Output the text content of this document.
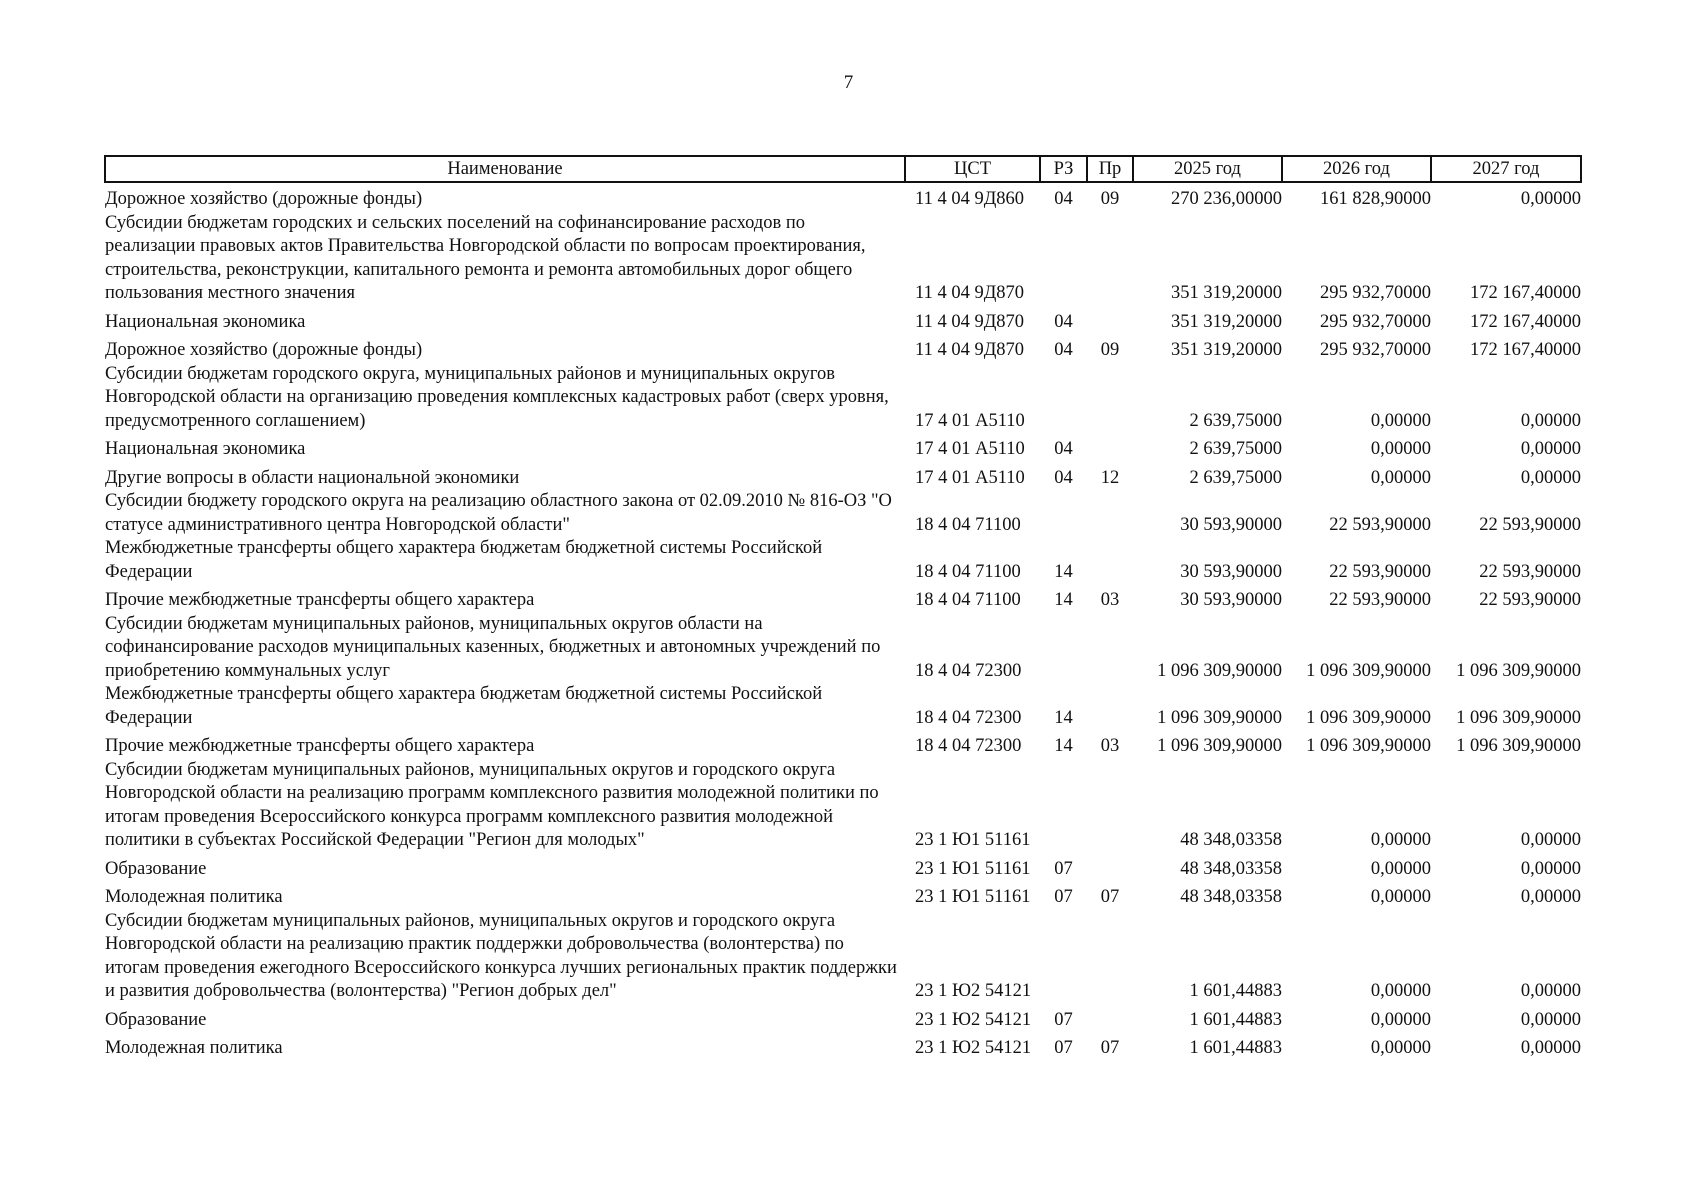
7
Наименование	ЦСТ	РЗ	Пр	2025 год	2026 год	2027 год
Дорожное хозяйство (дорожные фонды)	11 4 04 9Д860	04	09	270 236,00000	161 828,90000	0,00000
Субсидии бюджетам городских и сельских поселений на софинансирование расходов по реализации правовых актов Правительства Новгородской области по вопросам проектирования, строительства, реконструкции, капитального ремонта и ремонта автомобильных дорог общего пользования местного значения	11 4 04 9Д870			351 319,20000	295 932,70000	172 167,40000
Национальная экономика	11 4 04 9Д870	04		351 319,20000	295 932,70000	172 167,40000
Дорожное хозяйство (дорожные фонды)	11 4 04 9Д870	04	09	351 319,20000	295 932,70000	172 167,40000
Субсидии бюджетам городского округа, муниципальных районов и муниципальных округов Новгородской области на организацию проведения комплексных кадастровых работ (сверх уровня, предусмотренного соглашением)	17 4 01 А5110			2 639,75000	0,00000	0,00000
Национальная экономика	17 4 01 А5110	04		2 639,75000	0,00000	0,00000
Другие вопросы в области национальной экономики	17 4 01 А5110	04	12	2 639,75000	0,00000	0,00000
Субсидии бюджету городского округа на реализацию областного закона от 02.09.2010 № 816-ОЗ "О статусе административного центра Новгородской области"	18 4 04 71100			30 593,90000	22 593,90000	22 593,90000
Межбюджетные трансферты общего характера бюджетам бюджетной системы Российской Федерации	18 4 04 71100	14		30 593,90000	22 593,90000	22 593,90000
Прочие межбюджетные трансферты общего характера	18 4 04 71100	14	03	30 593,90000	22 593,90000	22 593,90000
Субсидии бюджетам муниципальных районов, муниципальных округов области на софинансирование расходов муниципальных казенных, бюджетных и автономных учреждений по приобретению коммунальных услуг	18 4 04 72300			1 096 309,90000	1 096 309,90000	1 096 309,90000
Межбюджетные трансферты общего характера бюджетам бюджетной системы Российской Федерации	18 4 04 72300	14		1 096 309,90000	1 096 309,90000	1 096 309,90000
Прочие межбюджетные трансферты общего характера	18 4 04 72300	14	03	1 096 309,90000	1 096 309,90000	1 096 309,90000
Субсидии бюджетам муниципальных районов, муниципальных округов и городского округа Новгородской области на реализацию программ комплексного развития молодежной политики по итогам проведения Всероссийского конкурса программ комплексного развития молодежной политики в субъектах Российской Федерации "Регион для молодых"	23 1 Ю1 51161			48 348,03358	0,00000	0,00000
Образование	23 1 Ю1 51161	07		48 348,03358	0,00000	0,00000
Молодежная политика	23 1 Ю1 51161	07	07	48 348,03358	0,00000	0,00000
Субсидии бюджетам муниципальных районов, муниципальных округов и городского округа Новгородской области на реализацию практик поддержки добровольчества (волонтерства) по итогам проведения ежегодного Всероссийского конкурса лучших региональных практик поддержки и развития добровольчества (волонтерства) "Регион добрых дел"	23 1 Ю2 54121			1 601,44883	0,00000	0,00000
Образование	23 1 Ю2 54121	07		1 601,44883	0,00000	0,00000
Молодежная политика	23 1 Ю2 54121	07	07	1 601,44883	0,00000	0,00000
